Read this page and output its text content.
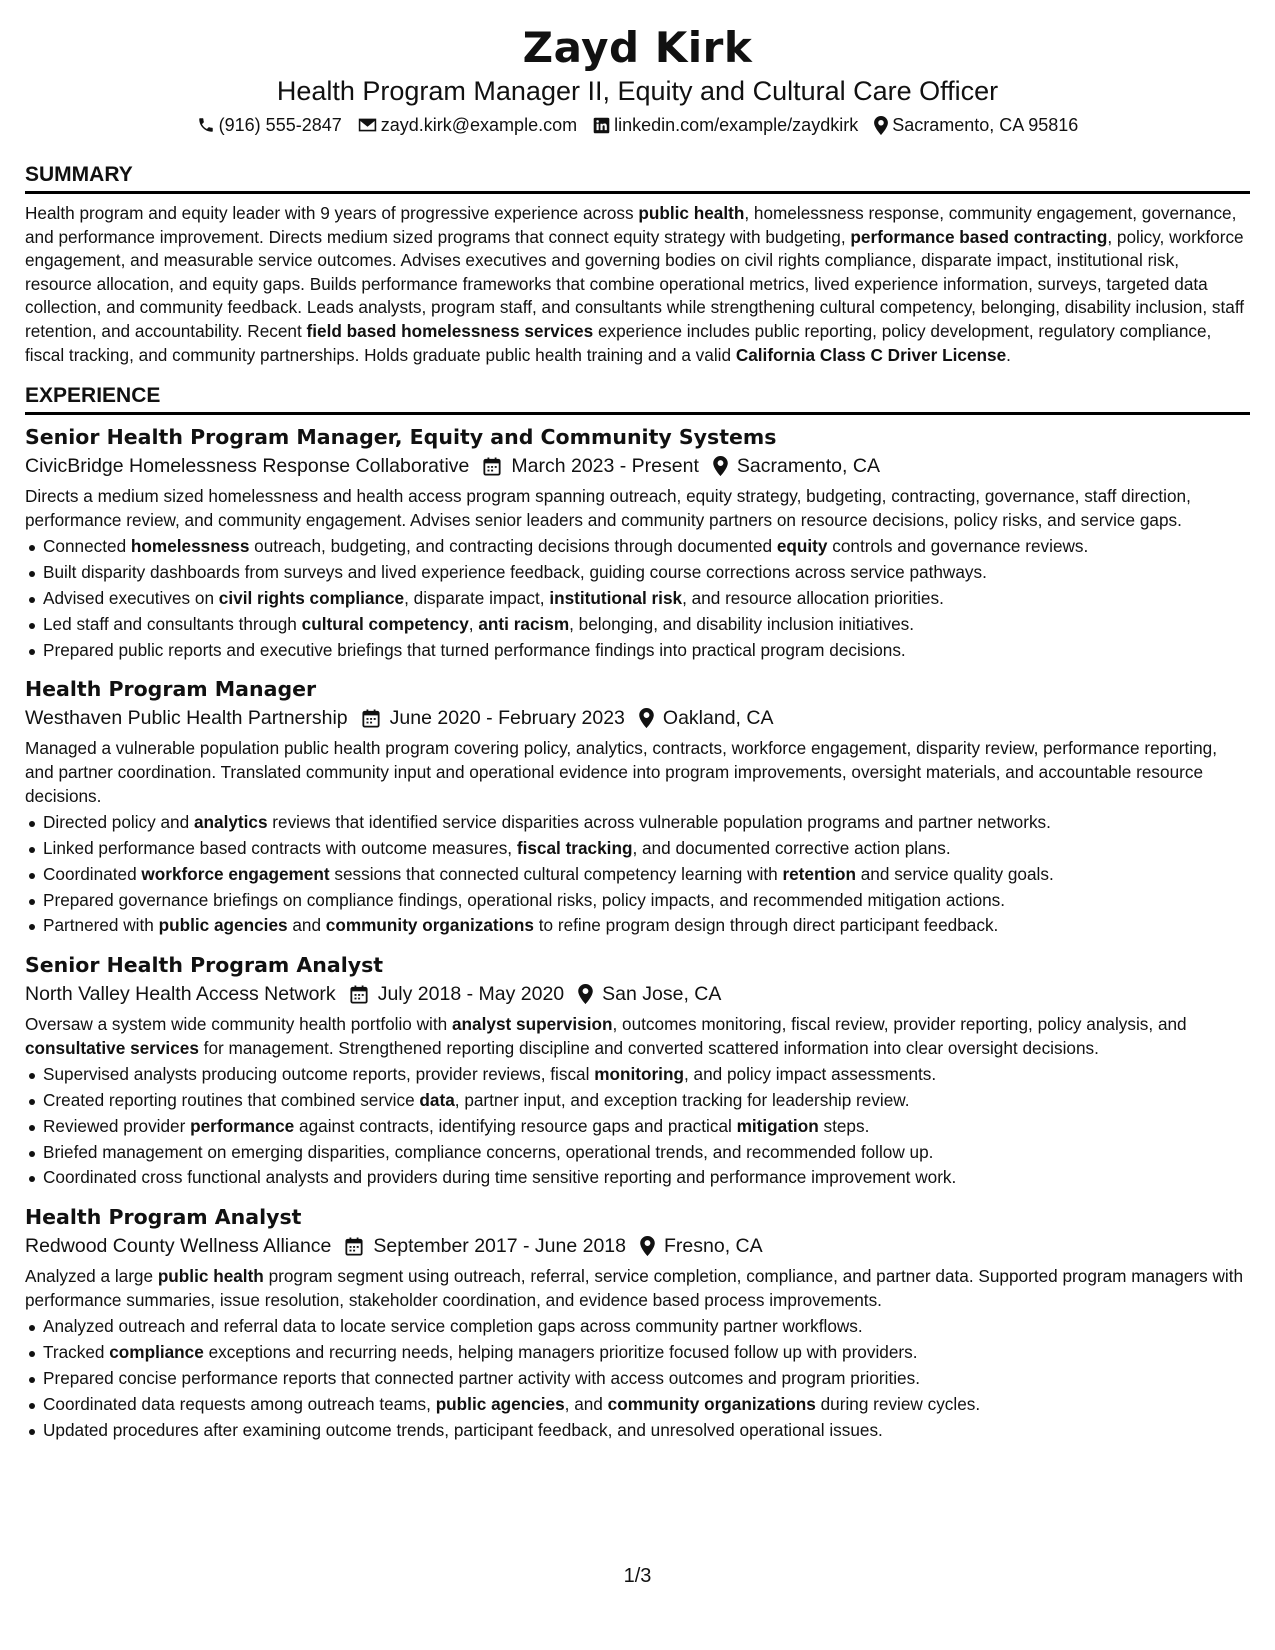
Zayd Kirk
Health Program Manager II, Equity and Cultural Care Officer
(916) 555-2847 zayd.kirk@example.com linkedin.com/example/zaydkirk Sacramento, CA 95816
SUMMARY

Health program and equity leader with 9 years of progressive experience across public health, homelessness response, community engagement, governance, and performance improvement. Directs medium sized programs that connect equity strategy with budgeting, performance based contracting, policy, workforce engagement, and measurable service outcomes. Advises executives and governing bodies on civil rights compliance, disparate impact, institutional risk, resource allocation, and equity gaps. Builds performance frameworks that combine operational metrics, lived experience information, surveys, targeted data collection, and community feedback. Leads analysts, program staff, and consultants while strengthening cultural competency, belonging, disability inclusion, staff retention, and accountability. Recent field based homelessness services experience includes public reporting, policy development, regulatory compliance, fiscal tracking, and community partnerships. Holds graduate public health training and a valid California Class C Driver License.

EXPERIENCE
Senior Health Program Manager, Equity and Community Systems
CivicBridge Homelessness Response Collaborative March 2023 - Present Sacramento, CA

Directs a medium sized homelessness and health access program spanning outreach, equity strategy, budgeting, contracting, governance, staff direction, performance review, and community engagement. Advises senior leaders and community partners on resource decisions, policy risks, and service gaps.

Connected homelessness outreach, budgeting, and contracting decisions through documented equity controls and governance reviews.
Built disparity dashboards from surveys and lived experience feedback, guiding course corrections across service pathways.
Advised executives on civil rights compliance, disparate impact, institutional risk, and resource allocation priorities.
Led staff and consultants through cultural competency, anti racism, belonging, and disability inclusion initiatives.
Prepared public reports and executive briefings that turned performance findings into practical program decisions.
Health Program Manager
Westhaven Public Health Partnership June 2020 - February 2023 Oakland, CA

Managed a vulnerable population public health program covering policy, analytics, contracts, workforce engagement, disparity review, performance reporting, and partner coordination. Translated community input and operational evidence into program improvements, oversight materials, and accountable resource decisions.

Directed policy and analytics reviews that identified service disparities across vulnerable population programs and partner networks.
Linked performance based contracts with outcome measures, fiscal tracking, and documented corrective action plans.
Coordinated workforce engagement sessions that connected cultural competency learning with retention and service quality goals.
Prepared governance briefings on compliance findings, operational risks, policy impacts, and recommended mitigation actions.
Partnered with public agencies and community organizations to refine program design through direct participant feedback.
Senior Health Program Analyst
North Valley Health Access Network July 2018 - May 2020 San Jose, CA

Oversaw a system wide community health portfolio with analyst supervision, outcomes monitoring, fiscal review, provider reporting, policy analysis, and consultative services for management. Strengthened reporting discipline and converted scattered information into clear oversight decisions.

Supervised analysts producing outcome reports, provider reviews, fiscal monitoring, and policy impact assessments.
Created reporting routines that combined service data, partner input, and exception tracking for leadership review.
Reviewed provider performance against contracts, identifying resource gaps and practical mitigation steps.
Briefed management on emerging disparities, compliance concerns, operational trends, and recommended follow up.
Coordinated cross functional analysts and providers during time sensitive reporting and performance improvement work.
Health Program Analyst
Redwood County Wellness Alliance September 2017 - June 2018 Fresno, CA

Analyzed a large public health program segment using outreach, referral, service completion, compliance, and partner data. Supported program managers with performance summaries, issue resolution, stakeholder coordination, and evidence based process improvements.

Analyzed outreach and referral data to locate service completion gaps across community partner workflows.
Tracked compliance exceptions and recurring needs, helping managers prioritize focused follow up with providers.
Prepared concise performance reports that connected partner activity with access outcomes and program priorities.
Coordinated data requests among outreach teams, public agencies, and community organizations during review cycles.
Updated procedures after examining outcome trends, participant feedback, and unresolved operational issues.
1/3
